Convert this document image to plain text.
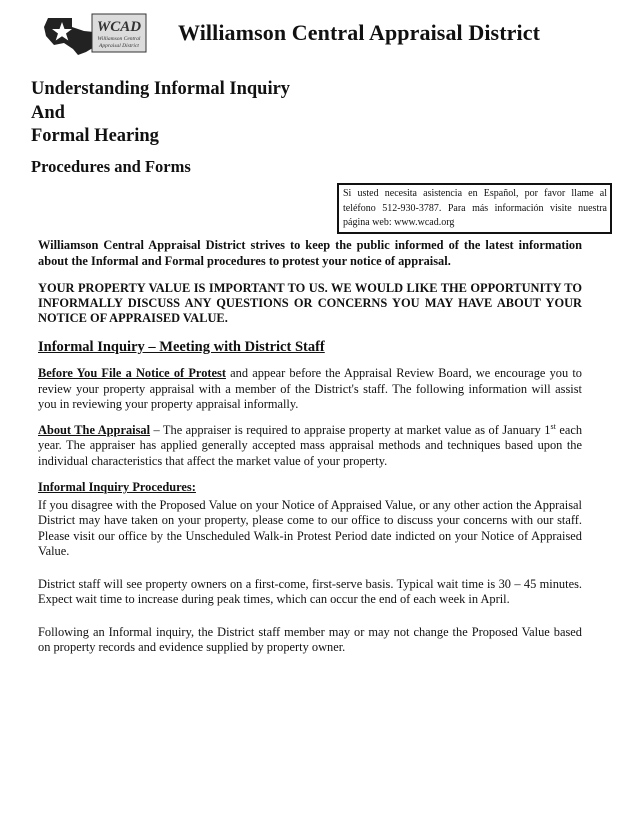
WCAD
Williamson Central
Appraisal District
Williamson Central Appraisal District
Understanding Informal Inquiry
And
Formal Hearing
Procedures and Forms
Si usted necesita asistencia en Español, por favor llame al teléfono 512-930-3787. Para más información visite nuestra página web: www.wcad.org

Williamson Central Appraisal District strives to keep the public informed of the latest information about the Informal and Formal procedures to protest your notice of appraisal.

YOUR PROPERTY VALUE IS IMPORTANT TO US. WE WOULD LIKE THE OPPORTUNITY TO INFORMALLY DISCUSS ANY QUESTIONS OR CONCERNS YOU MAY HAVE ABOUT YOUR NOTICE OF APPRAISED VALUE.

Informal Inquiry – Meeting with District Staff

Before You File a Notice of Protest and appear before the Appraisal Review Board, we encourage you to review your property appraisal with a member of the District's staff. The following information will assist you in reviewing your property appraisal informally.

About The Appraisal – The appraiser is required to appraise property at market value as of January 1st each year. The appraiser has applied generally accepted mass appraisal methods and techniques based upon the individual characteristics that affect the market value of your property.

Informal Inquiry Procedures:

If you disagree with the Proposed Value on your Notice of Appraised Value, or any other action the Appraisal District may have taken on your property, please come to our office to discuss your concerns with our staff. Please visit our office by the Unscheduled Walk-in Protest Period date indicted on your Notice of Appraised Value.

District staff will see property owners on a first-come, first-serve basis. Typical wait time is 30 – 45 minutes. Expect wait time to increase during peak times, which can occur the end of each week in April.

Following an Informal inquiry, the District staff member may or may not change the Proposed Value based on property records and evidence supplied by property owner.
